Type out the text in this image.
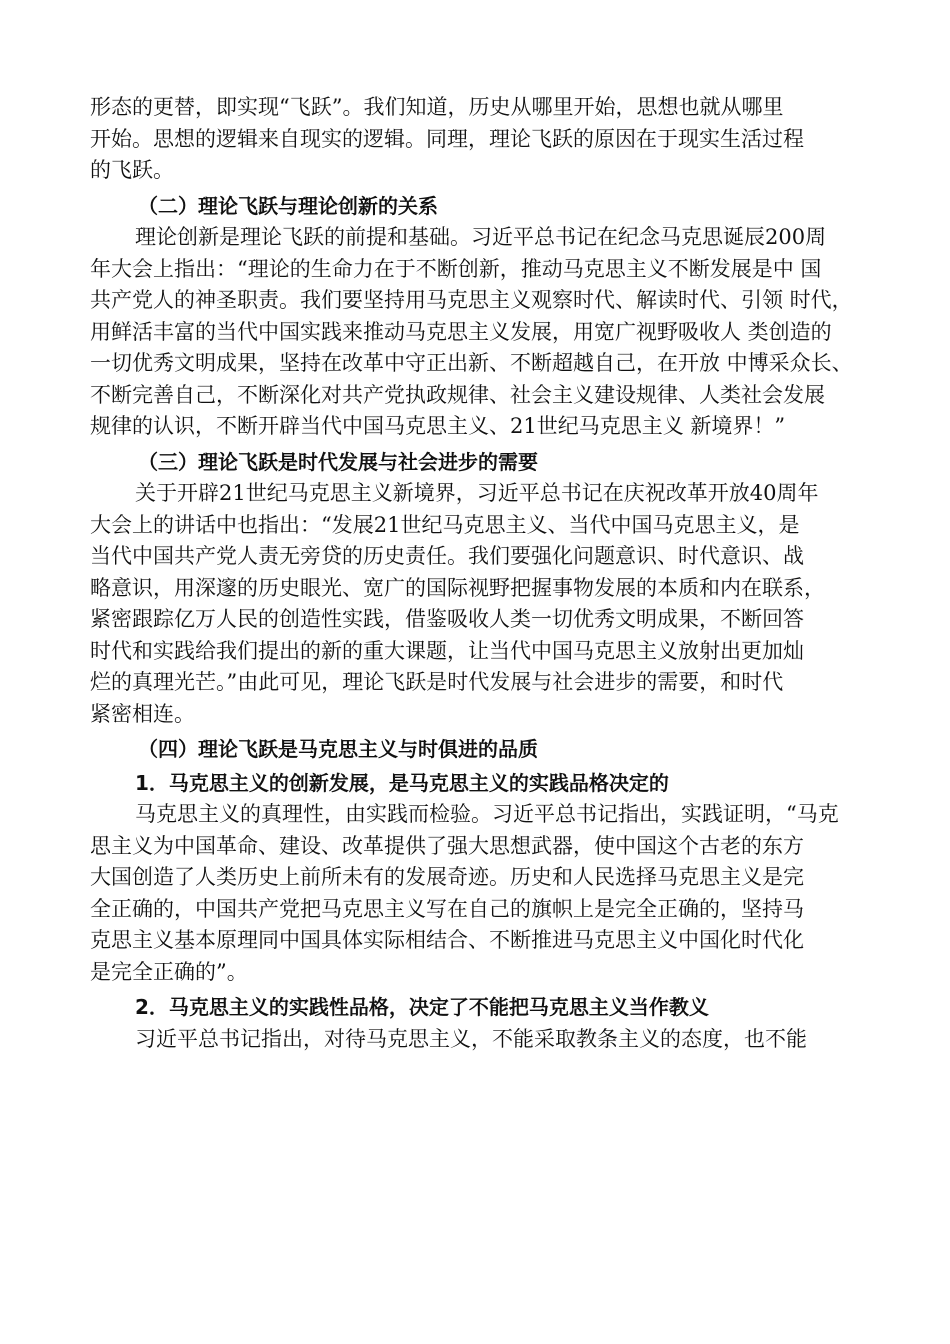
形态的更替，即实现“飞跃”。我们知道，历史从哪里开始，思想也就从哪里
开始。思想的逻辑来自现实的逻辑。同理，理论飞跃的原因在于现实生活过程
的飞跃。
（二）理论飞跃与理论创新的关系
理论创新是理论飞跃的前提和基础。习近平总书记在纪念马克思诞辰200周
年大会上指出：“理论的生命力在于不断创新，推动马克思主义不断发展是中 国
共产党人的神圣职责。我们要坚持用马克思主义观察时代、解读时代、引领 时代，
用鲜活丰富的当代中国实践来推动马克思主义发展，用宽广视野吸收人 类创造的
一切优秀文明成果，坚持在改革中守正出新、不断超越自己，在开放 中博采众长、
不断完善自己，不断深化对共产党执政规律、社会主义建设规律、人类社会发展
规律的认识，不断开辟当代中国马克思主义、21世纪马克思主义 新境界！”
（三）理论飞跃是时代发展与社会进步的需要
关于开辟21世纪马克思主义新境界，习近平总书记在庆祝改革开放40周年
大会上的讲话中也指出：“发展21世纪马克思主义、当代中国马克思主义，是
当代中国共产党人责无旁贷的历史责任。我们要强化问题意识、时代意识、战
略意识，用深邃的历史眼光、宽广的国际视野把握事物发展的本质和内在联系，
紧密跟踪亿万人民的创造性实践，借鉴吸收人类一切优秀文明成果，不断回答
时代和实践给我们提出的新的重大课题，让当代中国马克思主义放射出更加灿
烂的真理光芒。”由此可见，理论飞跃是时代发展与社会进步的需要，和时代
紧密相连。
（四）理论飞跃是马克思主义与时俱进的品质
1．马克思主义的创新发展，是马克思主义的实践品格决定的
马克思主义的真理性，由实践而检验。习近平总书记指出，实践证明，“马克
思主义为中国革命、建设、改革提供了强大思想武器，使中国这个古老的东方
大国创造了人类历史上前所未有的发展奇迹。历史和人民选择马克思主义是完
全正确的，中国共产党把马克思主义写在自己的旗帜上是完全正确的，坚持马
克思主义基本原理同中国具体实际相结合、不断推进马克思主义中国化时代化
是完全正确的”。
2．马克思主义的实践性品格，决定了不能把马克思主义当作教义
习近平总书记指出，对待马克思主义，不能采取教条主义的态度，也不能
